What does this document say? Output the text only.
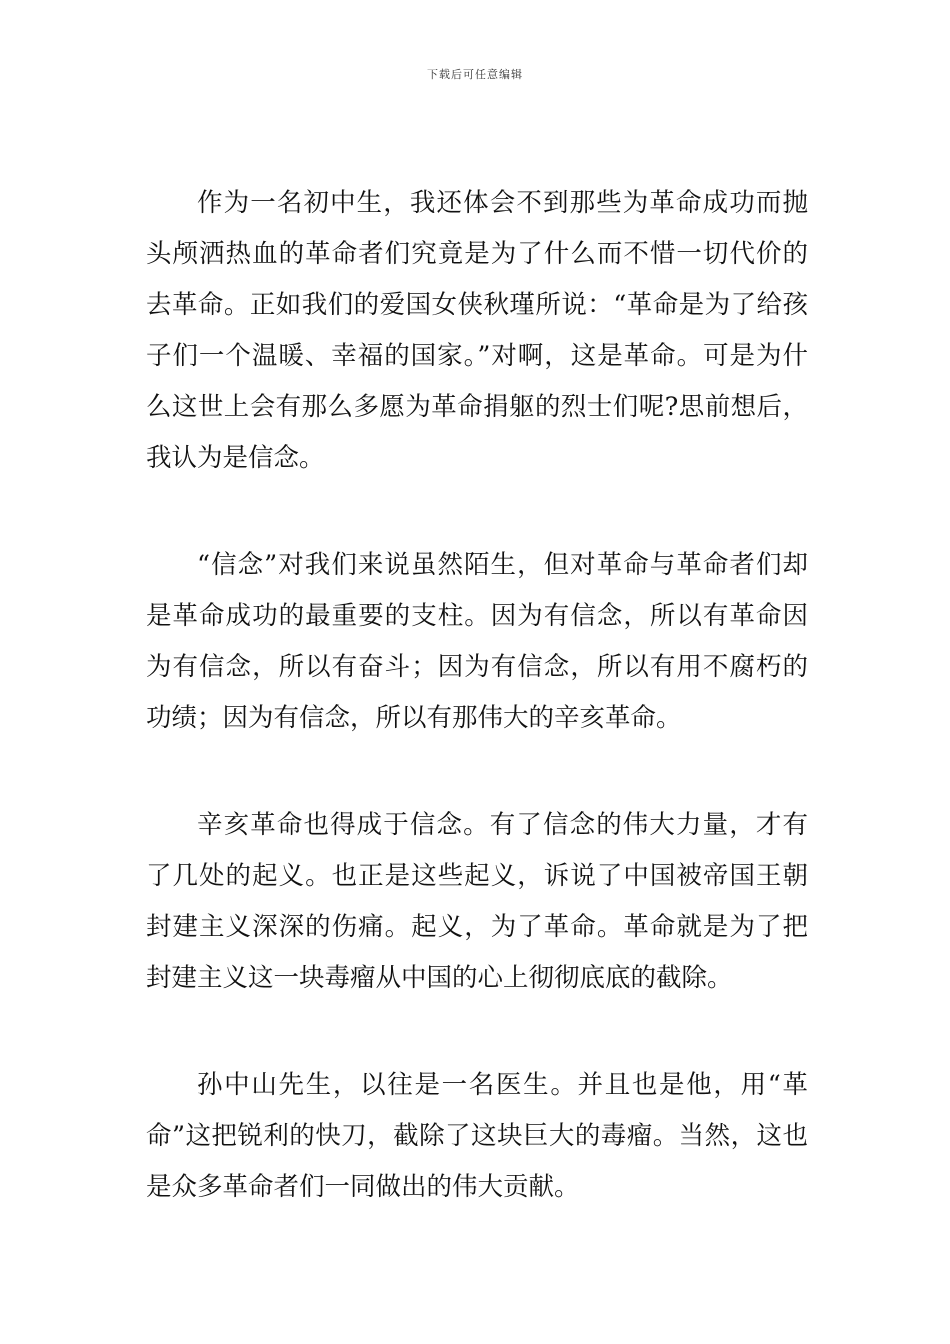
下载后可任意编辑

作为一名初中生，我还体会不到那些为革命成功而抛头颅洒热血的革命者们究竟是为了什么而不惜一切代价的去革命。正如我们的爱国女侠秋瑾所说：“革命是为了给孩子们一个温暖、幸福的国家。”对啊，这是革命。可是为什么这世上会有那么多愿为革命捐躯的烈士们呢?思前想后，我认为是信念。

“信念”对我们来说虽然陌生，但对革命与革命者们却是革命成功的最重要的支柱。因为有信念，所以有革命因为有信念，所以有奋斗；因为有信念，所以有用不腐朽的功绩；因为有信念，所以有那伟大的辛亥革命。

辛亥革命也得成于信念。有了信念的伟大力量，才有了几处的起义。也正是这些起义，诉说了中国被帝国王朝封建主义深深的伤痛。起义，为了革命。革命就是为了把封建主义这一块毒瘤从中国的心上彻彻底底的截除。

孙中山先生，以往是一名医生。并且也是他，用“革命”这把锐利的快刀，截除了这块巨大的毒瘤。当然，这也是众多革命者们一同做出的伟大贡献。
